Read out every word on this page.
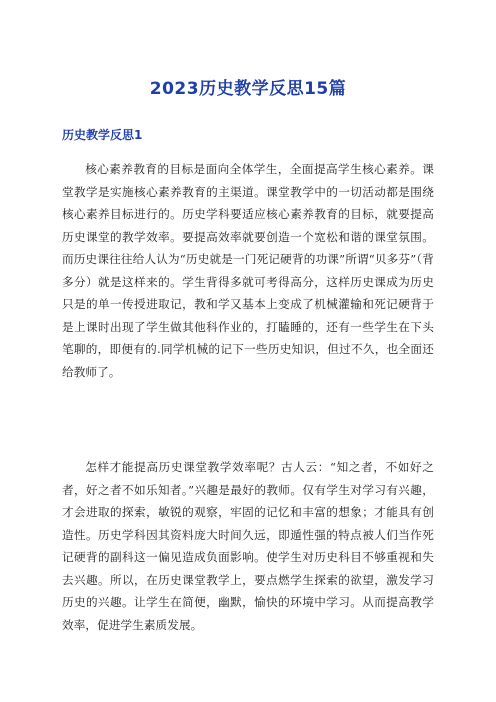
2023历史教学反思15篇
历史教学反思1

核心素养教育的目标是面向全体学生，全面提高学生核心素养。课堂教学是实施核心素养教育的主渠道。课堂教学中的一切活动都是围绕核心素养目标进行的。历史学科要适应核心素养教育的目标，就要提高历史课堂的教学效率。要提高效率就要创造一个宽松和谐的课堂氛围。而历史课往往给人认为“历史就是一门死记硬背的功课”所谓“贝多芬”（背多分）就是这样来的。学生背得多就可考得高分，这样历史课成为历史只是的单一传授进取记，教和学又基本上变成了机械灌输和死记硬背于是上课时出现了学生做其他科作业的，打瞌睡的，还有一些学生在下头笔聊的，即便有的.同学机械的记下一些历史知识，但过不久，也全面还给教师了。

怎样才能提高历史课堂教学效率呢？古人云：“知之者，不如好之者，好之者不如乐知者。”兴趣是最好的教师。仅有学生对学习有兴趣，才会进取的探索，敏锐的观察，牢固的记忆和丰富的想象；才能具有创造性。历史学科因其资料庞大时间久远，即遁性强的特点被人们当作死记硬背的副科这一偏见造成负面影响。使学生对历史科目不够重视和失去兴趣。所以，在历史课堂教学上，要点燃学生探索的欲望，激发学习历史的兴趣。让学生在简便，幽默，愉快的环境中学习。从而提高教学效率，促进学生素质发展。
